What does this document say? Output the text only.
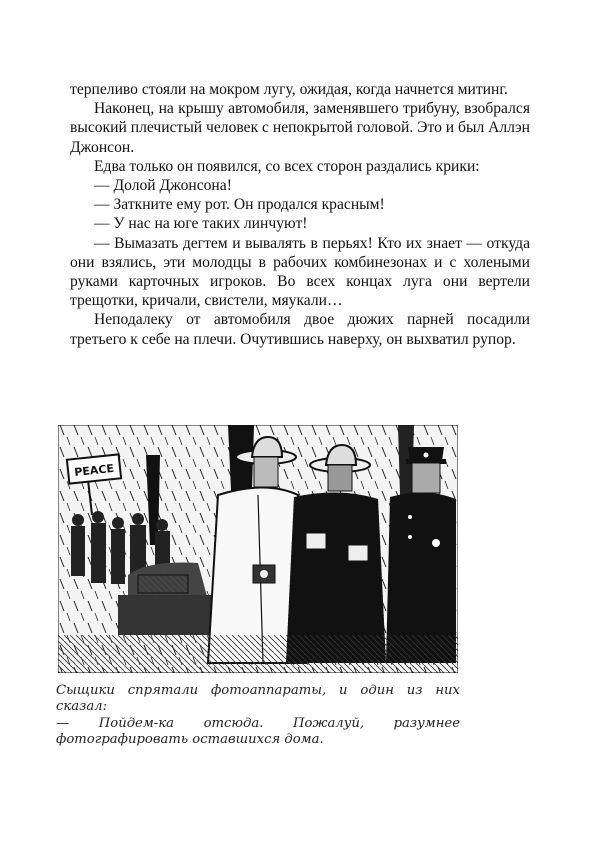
терпеливо стояли на мокром лугу, ожидая, когда начнется митинг.

Наконец, на крышу автомобиля, заменявшего трибуну, взобрался высокий плечистый человек с непокрытой головой. Это и был Аллэн Джонсон.

Едва только он появился, со всех сторон раздались крики:

— Долой Джонсона!

— Заткните ему рот. Он продался красным!

— У нас на юге таких линчуют!

— Вымазать дегтем и вывалять в перьях! Кто их знает — откуда они взялись, эти молодцы в рабочих комбинезонах и с холеными руками карточных игроков. Во всех концах луга они вертели трещотки, кричали, свистели, мяукали…

Неподалеку от автомобиля двое дюжих парней посадили третьего к себе на плечи. Очутившись наверху, он выхватил рупор.

PEACE

Сыщики спрятали фотоаппараты, и один из них сказал:

— Пойдем-ка отсюда. Пожалуй, разумнее фотографировать оставшихся дома.
